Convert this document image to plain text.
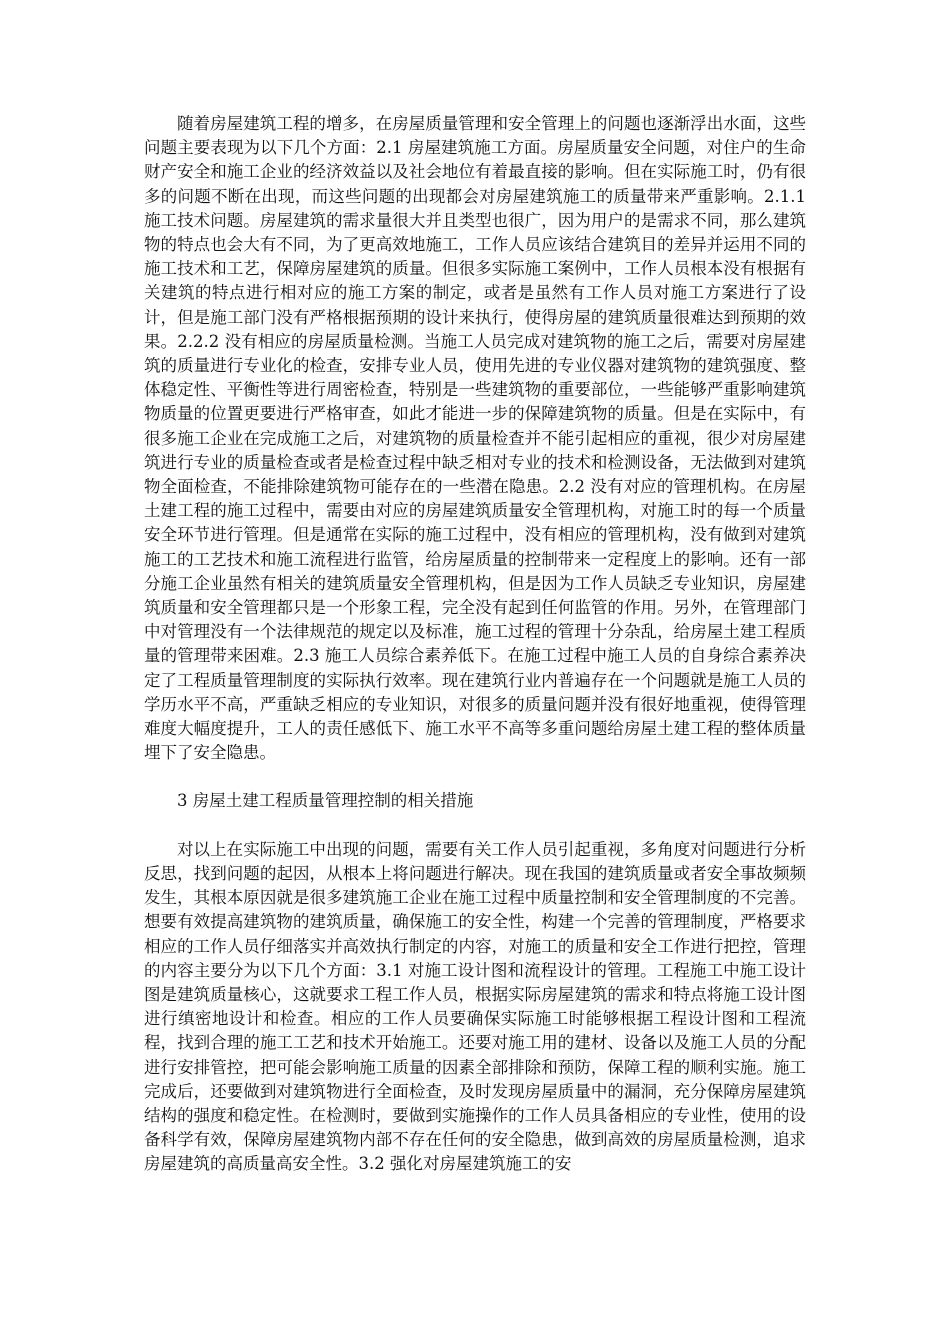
随着房屋建筑工程的增多，在房屋质量管理和安全管理上的问题也逐渐浮出水面，这些问题主要表现为以下几个方面：2.1 房屋建筑施工方面。房屋质量安全问题，对住户的生命财产安全和施工企业的经济效益以及社会地位有着最直接的影响。但在实际施工时，仍有很多的问题不断在出现，而这些问题的出现都会对房屋建筑施工的质量带来严重影响。2.1.1 施工技术问题。房屋建筑的需求量很大并且类型也很广，因为用户的是需求不同，那么建筑物的特点也会大有不同，为了更高效地施工，工作人员应该结合建筑目的差异并运用不同的施工技术和工艺，保障房屋建筑的质量。但很多实际施工案例中，工作人员根本没有根据有关建筑的特点进行相对应的施工方案的制定，或者是虽然有工作人员对施工方案进行了设计，但是施工部门没有严格根据预期的设计来执行，使得房屋的建筑质量很难达到预期的效果。2.2.2 没有相应的房屋质量检测。当施工人员完成对建筑物的施工之后，需要对房屋建筑的质量进行专业化的检查，安排专业人员，使用先进的专业仪器对建筑物的建筑强度、整体稳定性、平衡性等进行周密检查，特别是一些建筑物的重要部位，一些能够严重影响建筑物质量的位置更要进行严格审查，如此才能进一步的保障建筑物的质量。但是在实际中，有很多施工企业在完成施工之后，对建筑物的质量检查并不能引起相应的重视，很少对房屋建筑进行专业的质量检查或者是检查过程中缺乏相对专业的技术和检测设备，无法做到对建筑物全面检查，不能排除建筑物可能存在的一些潜在隐患。2.2 没有对应的管理机构。在房屋土建工程的施工过程中，需要由对应的房屋建筑质量安全管理机构，对施工时的每一个质量安全环节进行管理。但是通常在实际的施工过程中，没有相应的管理机构，没有做到对建筑施工的工艺技术和施工流程进行监管，给房屋质量的控制带来一定程度上的影响。还有一部分施工企业虽然有相关的建筑质量安全管理机构，但是因为工作人员缺乏专业知识，房屋建筑质量和安全管理都只是一个形象工程，完全没有起到任何监管的作用。另外，在管理部门中对管理没有一个法律规范的规定以及标准，施工过程的管理十分杂乱，给房屋土建工程质量的管理带来困难。2.3 施工人员综合素养低下。在施工过程中施工人员的自身综合素养决定了工程质量管理制度的实际执行效率。现在建筑行业内普遍存在一个问题就是施工人员的学历水平不高，严重缺乏相应的专业知识，对很多的质量问题并没有很好地重视，使得管理难度大幅度提升，工人的责任感低下、施工水平不高等多重问题给房屋土建工程的整体质量埋下了安全隐患。

3 房屋土建工程质量管理控制的相关措施

对以上在实际施工中出现的问题，需要有关工作人员引起重视，多角度对问题进行分析反思，找到问题的起因，从根本上将问题进行解决。现在我国的建筑质量或者安全事故频频发生，其根本原因就是很多建筑施工企业在施工过程中质量控制和安全管理制度的不完善。想要有效提高建筑物的建筑质量，确保施工的安全性，构建一个完善的管理制度，严格要求相应的工作人员仔细落实并高效执行制定的内容，对施工的质量和安全工作进行把控，管理的内容主要分为以下几个方面：3.1 对施工设计图和流程设计的管理。工程施工中施工设计图是建筑质量核心，这就要求工程工作人员，根据实际房屋建筑的需求和特点将施工设计图进行缜密地设计和检查。相应的工作人员要确保实际施工时能够根据工程设计图和工程流程，找到合理的施工工艺和技术开始施工。还要对施工用的建材、设备以及施工人员的分配进行安排管控，把可能会影响施工质量的因素全部排除和预防，保障工程的顺利实施。施工完成后，还要做到对建筑物进行全面检查，及时发现房屋质量中的漏洞，充分保障房屋建筑结构的强度和稳定性。在检测时，要做到实施操作的工作人员具备相应的专业性，使用的设备科学有效，保障房屋建筑物内部不存在任何的安全隐患，做到高效的房屋质量检测，追求房屋建筑的高质量高安全性。3.2 强化对房屋建筑施工的安
